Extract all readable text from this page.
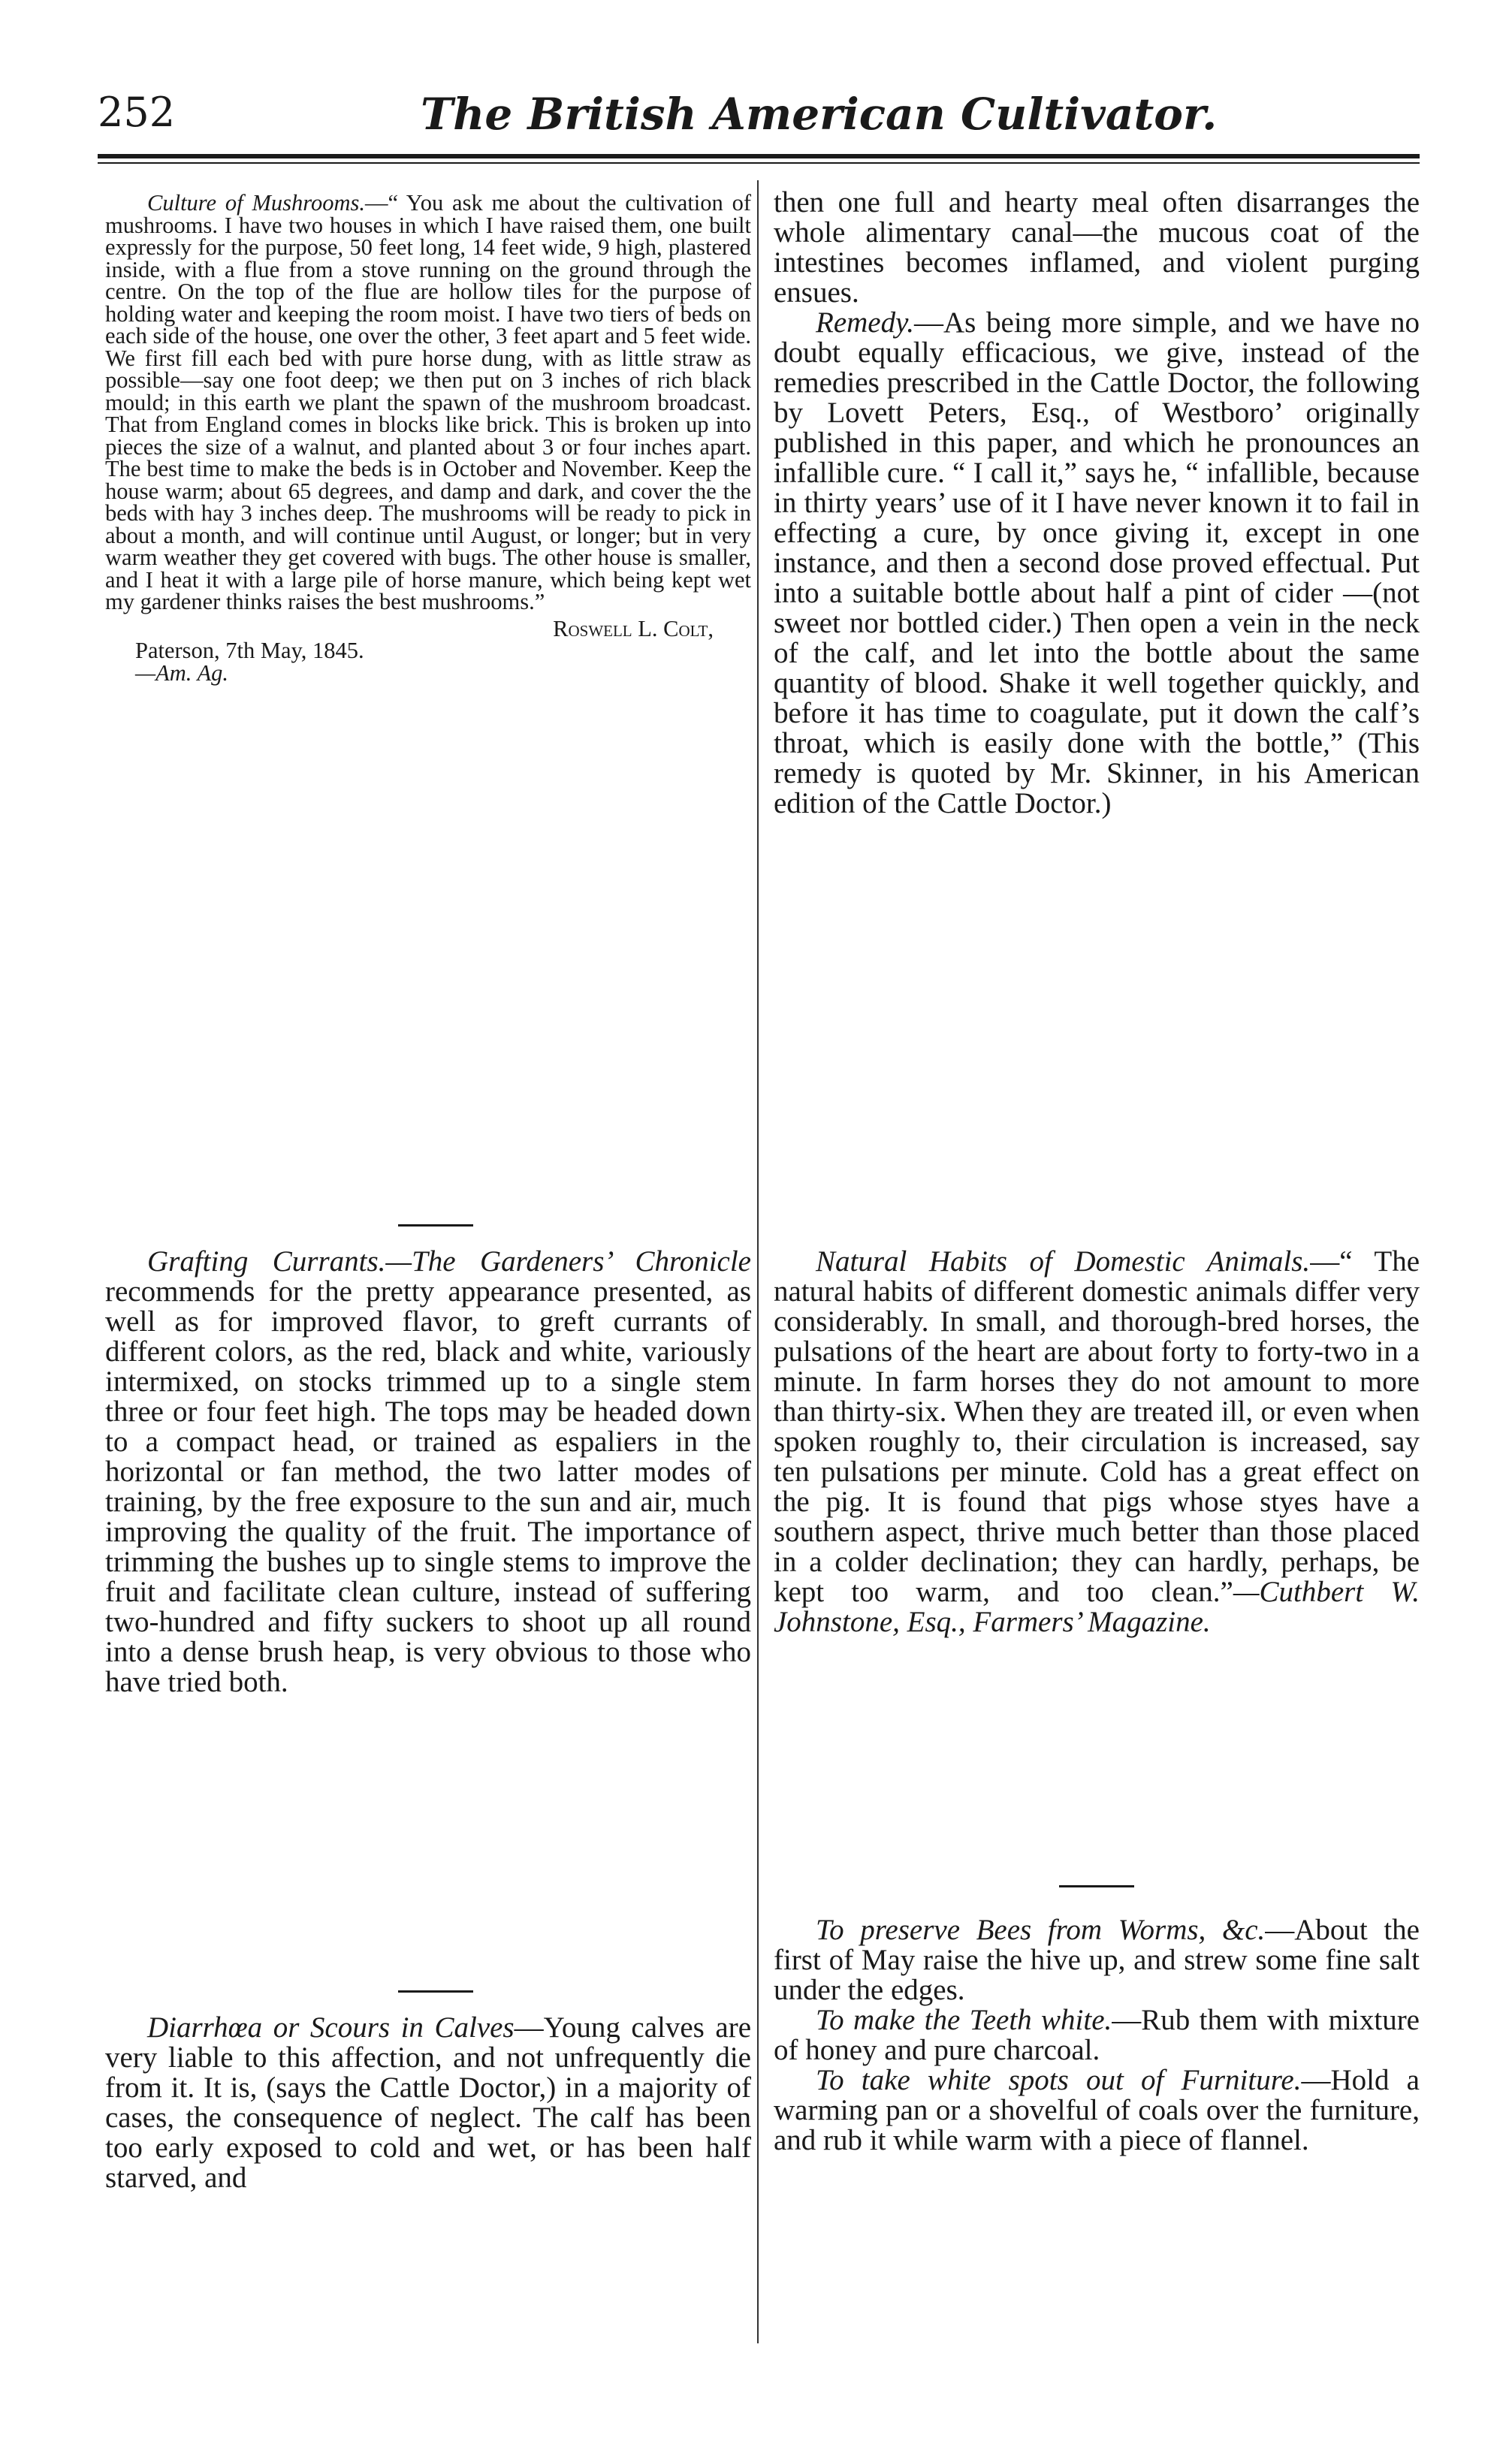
252	The British American Cultivator.

Culture of Mushrooms.—“ You ask me about the cultivation of mushrooms. I have two houses in which I have raised them, one built expressly for the purpose, 50 feet long, 14 feet wide, 9 high, plastered inside, with a flue from a stove running on the ground through the centre. On the top of the flue are hollow tiles for the purpose of holding water and keeping the room moist. I have two tiers of beds on each side of the house, one over the other, 3 feet apart and 5 feet wide. We first fill each bed with pure horse dung, with as little straw as possible—say one foot deep; we then put on 3 inches of rich black mould; in this earth we plant the spawn of the mushroom broadcast. That from England comes in blocks like brick. This is broken up into pieces the size of a walnut, and planted about 3 or four inches apart. The best time to make the beds is in October and November. Keep the house warm; about 65 degrees, and damp and dark, and cover the the beds with hay 3 inches deep. The mushrooms will be ready to pick in about a month, and will continue until August, or longer; but in very warm weather they get covered with bugs. The other house is smaller, and I heat it with a large pile of horse manure, which being kept wet my gardener thinks raises the best mushrooms.”

Roswell L. Colt,

Paterson, 7th May, 1845.

—Am. Ag.

Grafting Currants.—The Gardeners’ Chronicle recommends for the pretty appearance presented, as well as for improved flavor, to greft currants of different colors, as the red, black and white, variously intermixed, on stocks trimmed up to a single stem three or four feet high. The tops may be headed down to a compact head, or trained as espaliers in the horizontal or fan method, the two latter modes of training, by the free exposure to the sun and air, much improving the quality of the fruit. The importance of trimming the bushes up to single stems to improve the fruit and facilitate clean culture, instead of suffering two-hundred and fifty suckers to shoot up all round into a dense brush heap, is very obvious to those who have tried both.

Diarrhœa or Scours in Calves—Young calves are very liable to this affection, and not unfrequently die from it. It is, (says the Cattle Doctor,) in a majority of cases, the consequence of neglect. The calf has been too early exposed to cold and wet, or has been half starved, and

then one full and hearty meal often disarranges the whole alimentary canal—the mucous coat of the intestines becomes inflamed, and violent purging ensues.

Remedy.—As being more simple, and we have no doubt equally efficacious, we give, instead of the remedies prescribed in the Cattle Doctor, the following by Lovett Peters, Esq., of Westboro’ originally published in this paper, and which he pronounces an infallible cure. “ I call it,” says he, “ infallible, because in thirty years’ use of it I have never known it to fail in effecting a cure, by once giving it, except in one instance, and then a second dose proved effectual. Put into a suitable bottle about half a pint of cider —(not sweet nor bottled cider.) Then open a vein in the neck of the calf, and let into the bottle about the same quantity of blood. Shake it well together quickly, and before it has time to coagulate, put it down the calf’s throat, which is easily done with the bottle,” (This remedy is quoted by Mr. Skinner, in his American edition of the Cattle Doctor.)

Natural Habits of Domestic Animals.—“ The natural habits of different domestic animals differ very considerably. In small, and thorough-bred horses, the pulsations of the heart are about forty to forty-two in a minute. In farm horses they do not amount to more than thirty-six. When they are treated ill, or even when spoken roughly to, their circulation is increased, say ten pulsations per minute. Cold has a great effect on the pig. It is found that pigs whose styes have a southern aspect, thrive much better than those placed in a colder declination; they can hardly, perhaps, be kept too warm, and too clean.”—Cuthbert W. Johnstone, Esq., Farmers’ Magazine.

To preserve Bees from Worms, &c.—About the first of May raise the hive up, and strew some fine salt under the edges.

To make the Teeth white.—Rub them with mixture of honey and pure charcoal.

To take white spots out of Furniture.—Hold a warming pan or a shovelful of coals over the furniture, and rub it while warm with a piece of flannel.
